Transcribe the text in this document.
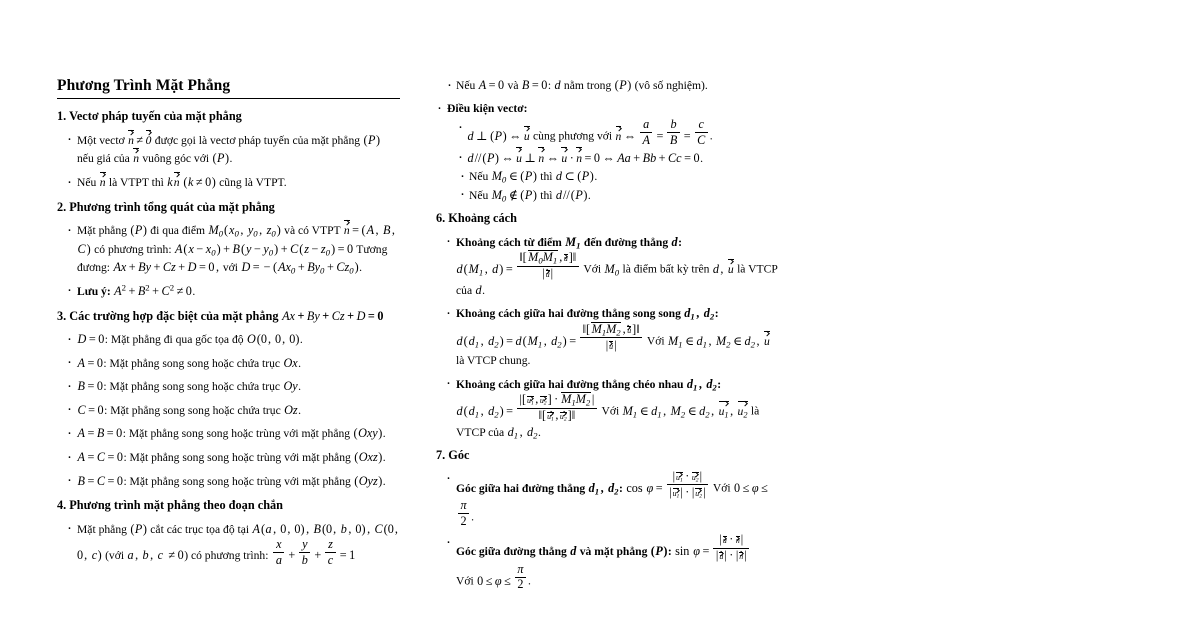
Phương Trình Mặt Phẳng
1. Vectơ pháp tuyến của mặt phẳng
· Một vectơ n ≠ 0 được gọi là vectơ pháp tuyến của mặt phẳng (P) nếu giá của n vuông góc với (P).
· Nếu n là VTPT thì kn (k ≠ 0) cũng là VTPT.
2. Phương trình tổng quát của mặt phẳng
· Mặt phẳng (P) đi qua điểm $M_0(x_0$ , $y_0$ , $z_0$) và có VTPT n = (A , B , C) có phương trình: $A(x - x_0) + B(y - y_0) + C(z - z_0) = 0$ Tương đương: Ax + By + Cz + D = 0 , với D = − $(Ax_0 + By_0 + Cz_0)$.
· Lưu ý: $A^2 + B^2 + C^2 \ne 0$.
3. Các trường hợp đặc biệt của mặt phẳng Ax + By + Cz + D = 0
· D = 0: Mặt phẳng đi qua gốc tọa độ O(0, 0, 0).
· A = 0: Mặt phẳng song song hoặc chứa trục Ox.
· B = 0: Mặt phẳng song song hoặc chứa trục Oy.
· C = 0: Mặt phẳng song song hoặc chứa trục Oz.
· A = B = 0: Mặt phẳng song song hoặc trùng với mặt phẳng (Oxy).
· A = C = 0: Mặt phẳng song song hoặc trùng với mặt phẳng (Oxz).
· B = C = 0: Mặt phẳng song song hoặc trùng với mặt phẳng (Oyz).
4. Phương trình mặt phẳng theo đoạn chắn
· Mặt phẳng (P) cắt các trục tọa độ tại A(a , 0, 0) , B(0, b , 0) , C(0, 0, c) (với a , b , c ≠ 0) có phương trình: $\frac{x}{a} + \frac{y}{b} + \frac{z}{c} = 1$
· Nếu A = 0 và B = 0: d nằm trong (P) (vô số nghiệm).
· Điều kiện vectơ:
· d ⊥ (P) ⇔ u cùng phương với n ⇔ $\frac{a}{A} = \frac{b}{B} = \frac{c}{C}$ .
· d//(P) ⇔ u ⊥ n ⇔ u · n = 0 ⇔ Aa + Bb + Cc = 0.
· Nếu $M_0$ ∈ (P) thì d ⊂ (P).
· Nếu $M_0$ ∉ (P) thì d//(P).
6. Khoảng cách
· Khoảng cách từ điểm $M_1$ đến đường thẳng d:
$d(M_1$ , $d) = \frac{‖[ M_0M_1 , u]‖}{|u|}$ Với $M_0$ là điểm bất kỳ trên d , u là VTCP của d.
· Khoảng cách giữa hai đường thẳng song song $d_1$ , $d_2$:
$d(d_1$ , $d_2) = d(M_1$ , $d_2) = \frac{‖[ M_1M_2 , u]‖}{|u|}$ Với $M_1$ ∈ $d_1$ , $M_2$ ∈ $d_2$ , u là VTCP chung.
· Khoảng cách giữa hai đường thẳng chéo nhau $d_1$ , $d_2$:
$d(d_1$ , $d_2) = \frac{|[u_1 , u_2] \cdot M_1M_2 |}{‖[u_1 , u_2]‖}$ Với $M_1$ ∈ $d_1$ , $M_2$ ∈ $d_2$ , $u_1$ , $u_2$ là VTCP của $d_1$ , $d_2$.
7. Góc
· Góc giữa hai đường thẳng $d_1$ , $d_2$: $\cos \varphi = \frac{|u_1 \cdot u_2|}{|u_1| \cdot |u_2|}$ Với 0 ≤ φ ≤
$\frac{\pi}{2}$ .
· Góc giữa đường thẳng d và mặt phẳng (P): $\sin \varphi = \frac{|u \cdot n|}{|u| \cdot |n|}$

Với $0 \le \varphi \le \frac{\pi}{2}$ .
